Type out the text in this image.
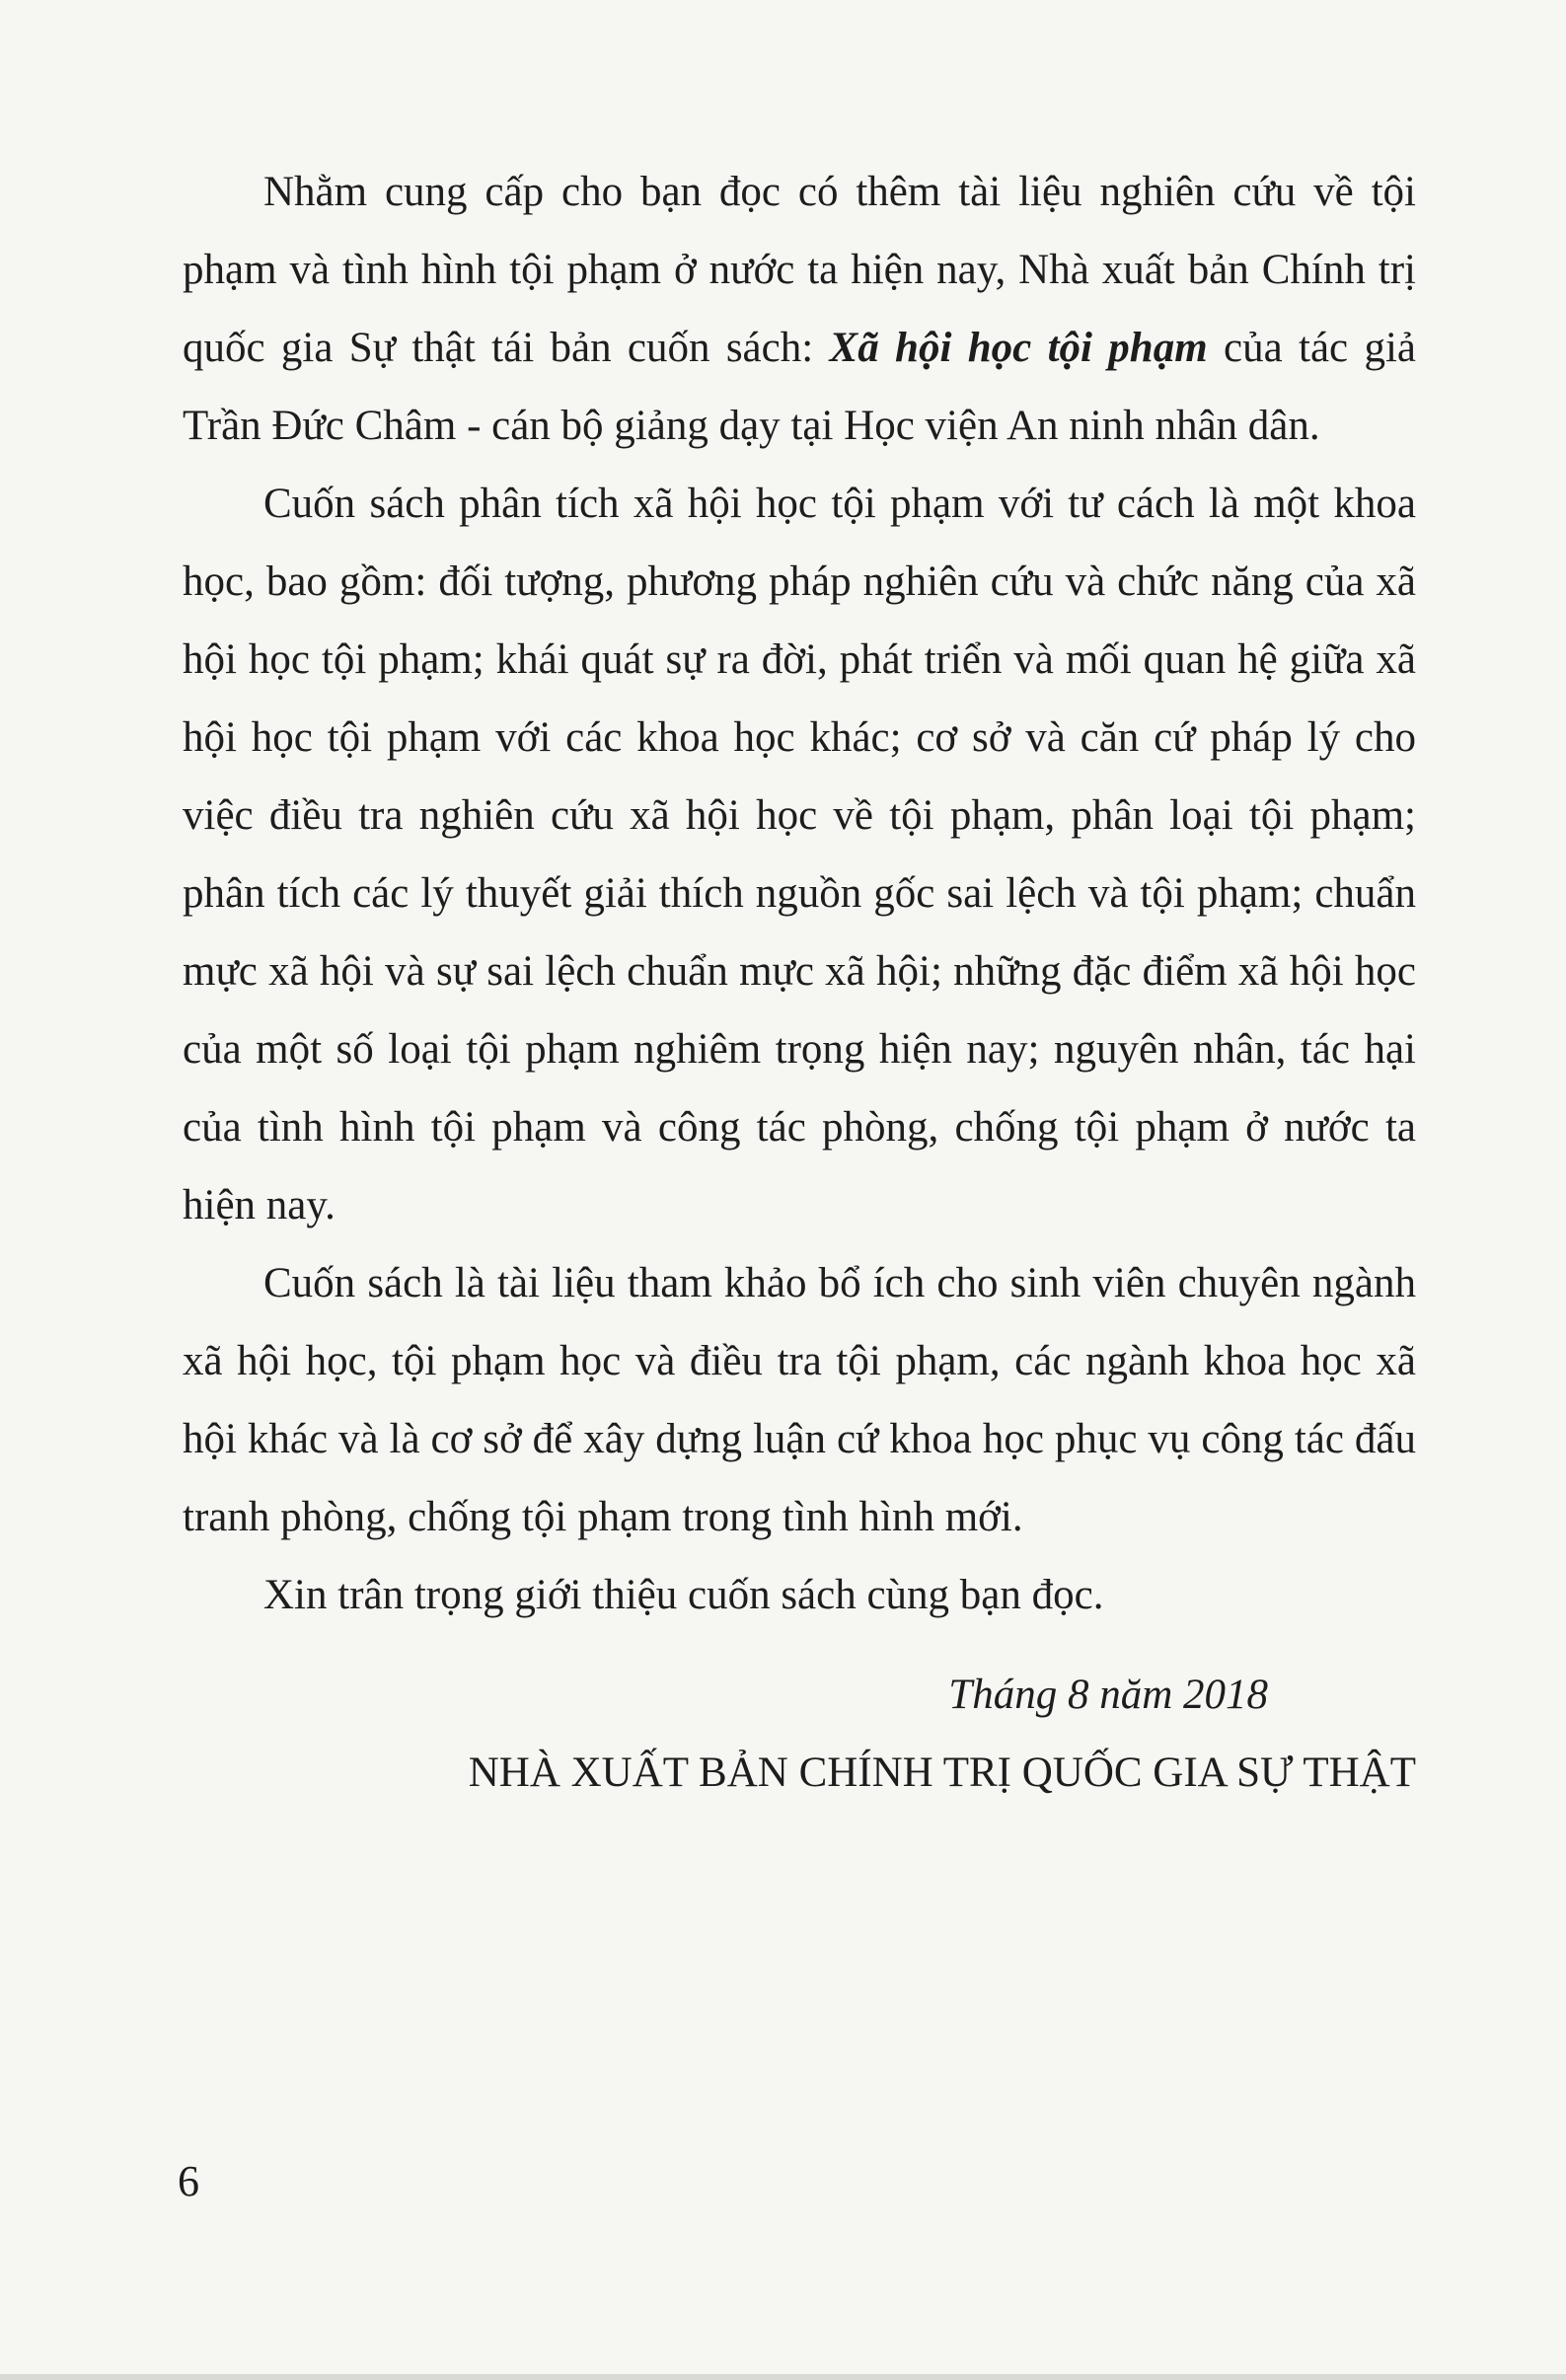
Nhằm cung cấp cho bạn đọc có thêm tài liệu nghiên cứu về tội phạm và tình hình tội phạm ở nước ta hiện nay, Nhà xuất bản Chính trị quốc gia Sự thật tái bản cuốn sách: Xã hội học tội phạm của tác giả Trần Đức Châm - cán bộ giảng dạy tại Học viện An ninh nhân dân.

Cuốn sách phân tích xã hội học tội phạm với tư cách là một khoa học, bao gồm: đối tượng, phương pháp nghiên cứu và chức năng của xã hội học tội phạm; khái quát sự ra đời, phát triển và mối quan hệ giữa xã hội học tội phạm với các khoa học khác; cơ sở và căn cứ pháp lý cho việc điều tra nghiên cứu xã hội học về tội phạm, phân loại tội phạm; phân tích các lý thuyết giải thích nguồn gốc sai lệch và tội phạm; chuẩn mực xã hội và sự sai lệch chuẩn mực xã hội; những đặc điểm xã hội học của một số loại tội phạm nghiêm trọng hiện nay; nguyên nhân, tác hại của tình hình tội phạm và công tác phòng, chống tội phạm ở nước ta hiện nay.

Cuốn sách là tài liệu tham khảo bổ ích cho sinh viên chuyên ngành xã hội học, tội phạm học và điều tra tội phạm, các ngành khoa học xã hội khác và là cơ sở để xây dựng luận cứ khoa học phục vụ công tác đấu tranh phòng, chống tội phạm trong tình hình mới.

Xin trân trọng giới thiệu cuốn sách cùng bạn đọc.

Tháng 8 năm 2018

NHÀ XUẤT BẢN CHÍNH TRỊ QUỐC GIA SỰ THẬT

6
